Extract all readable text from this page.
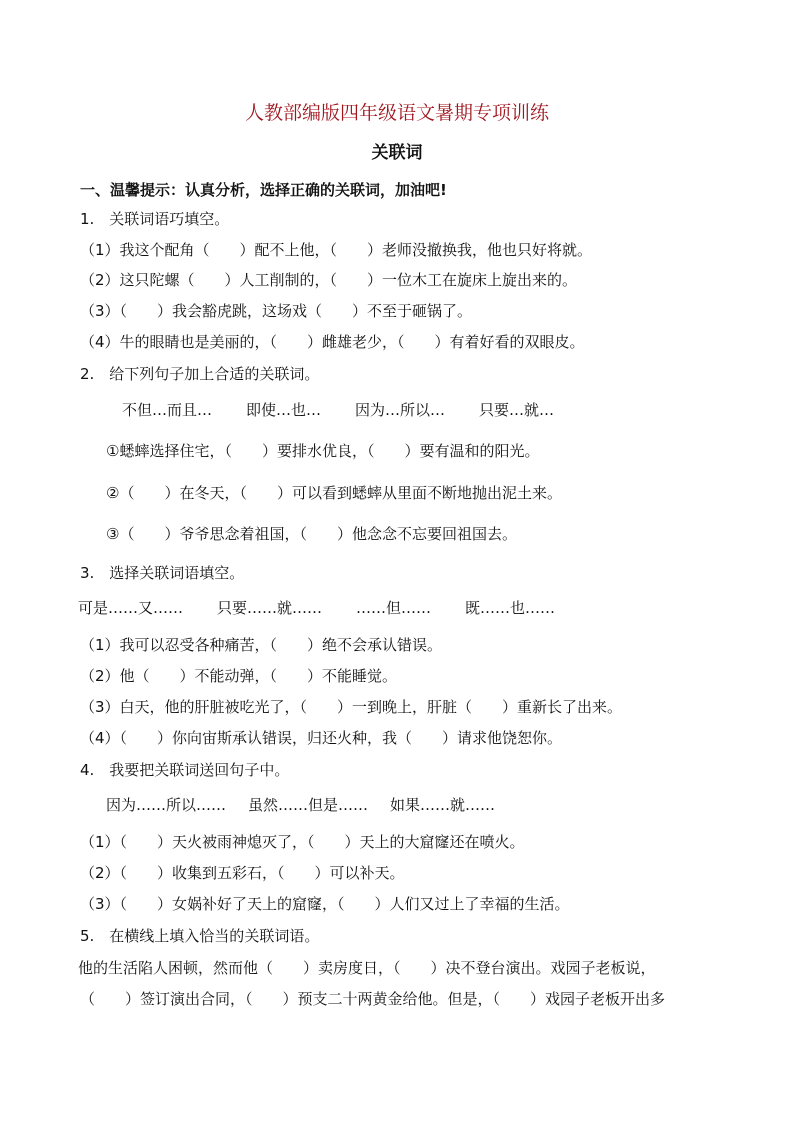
人教部编版四年级语文暑期专项训练
关联词
一、温馨提示：认真分析，选择正确的关联词，加油吧!
1.　关联词语巧填空。
（1）我这个配角（　　）配不上他，（　　）老师没撤换我，他也只好将就。
（2）这只陀螺（　　）人工削制的，（　　）一位木工在旋床上旋出来的。
（3）（　　）我会豁虎跳，这场戏（　　）不至于砸锅了。
（4）牛的眼睛也是美丽的，（　　）雌雄老少，（　　）有着好看的双眼皮。
2.　给下列句子加上合适的关联词。
不但…而且… 即使…也… 因为…所以… 只要…就…
①蟋蟀选择住宅，（　　）要排水优良，（　　）要有温和的阳光。
②（　　）在冬天，（　　）可以看到蟋蟀从里面不断地抛出泥土来。
③（　　）爷爷思念着祖国，（　　）他念念不忘要回祖国去。
3.　选择关联词语填空。
可是……又…… 只要……就…… ……但…… 既……也……
（1）我可以忍受各种痛苦，（　　）绝不会承认错误。
（2）他（　　）不能动弹，（　　）不能睡觉。
（3）白天，他的肝脏被吃光了，（　　）一到晚上，肝脏（　　）重新长了出来。
（4）（　　）你向宙斯承认错误，归还火种，我（　　）请求他饶恕你。
4.　我要把关联词送回句子中。
因为……所以…… 虽然……但是…… 如果……就……
（1）（　　）天火被雨神熄灭了，（　　）天上的大窟窿还在喷火。
（2）（　　）收集到五彩石，（　　）可以补天。
（3）（　　）女娲补好了天上的窟窿，（　　）人们又过上了幸福的生活。
5.　在横线上填入恰当的关联词语。
他的生活陷人困顿，然而他（　　）卖房度日，（　　）决不登台演出。戏园子老板说，
（　　）签订演出合同，（　　）预支二十两黄金给他。但是，（　　）戏园子老板开出多
